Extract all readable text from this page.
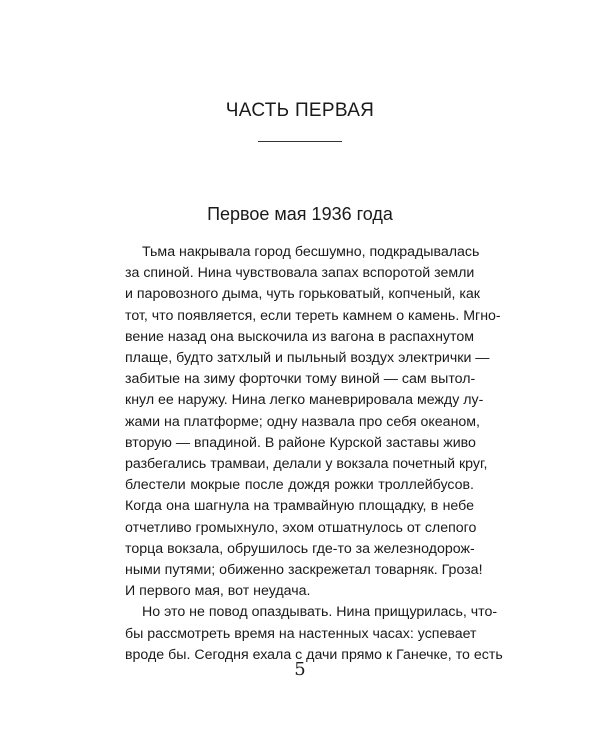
ЧАСТЬ ПЕРВАЯ
Первое мая 1936 года

Тьма накрывала город бесшумно, подкрадывалась
за спиной. Нина чувствовала запах вспоротой земли
и паровозного дыма, чуть горьковатый, копченый, как
тот, что появляется, если тереть камнем о камень. Мгно-
вение назад она выскочила из вагона в распахнутом
плаще, будто затхлый и пыльный воздух электрички —
забитые на зиму форточки тому виной — сам вытол-
кнул ее наружу. Нина легко маневрировала между лу-
жами на платформе; одну назвала про себя океаном,
вторую — впадиной. В районе Курской заставы живо
разбегались трамваи, делали у вокзала почетный круг,
блестели мокрые после дождя рожки троллейбусов.
Когда она шагнула на трамвайную площадку, в небе
отчетливо громыхнуло, эхом отшатнулось от слепого
торца вокзала, обрушилось где-то за железнодорож-
ными путями; обиженно заскрежетал товарняк. Гроза!
И первого мая, вот неудача.

Но это не повод опаздывать. Нина прищурилась, что-
бы рассмотреть время на настенных часах: успевает
вроде бы. Сегодня ехала с дачи прямо к Ганечке, то есть

5
